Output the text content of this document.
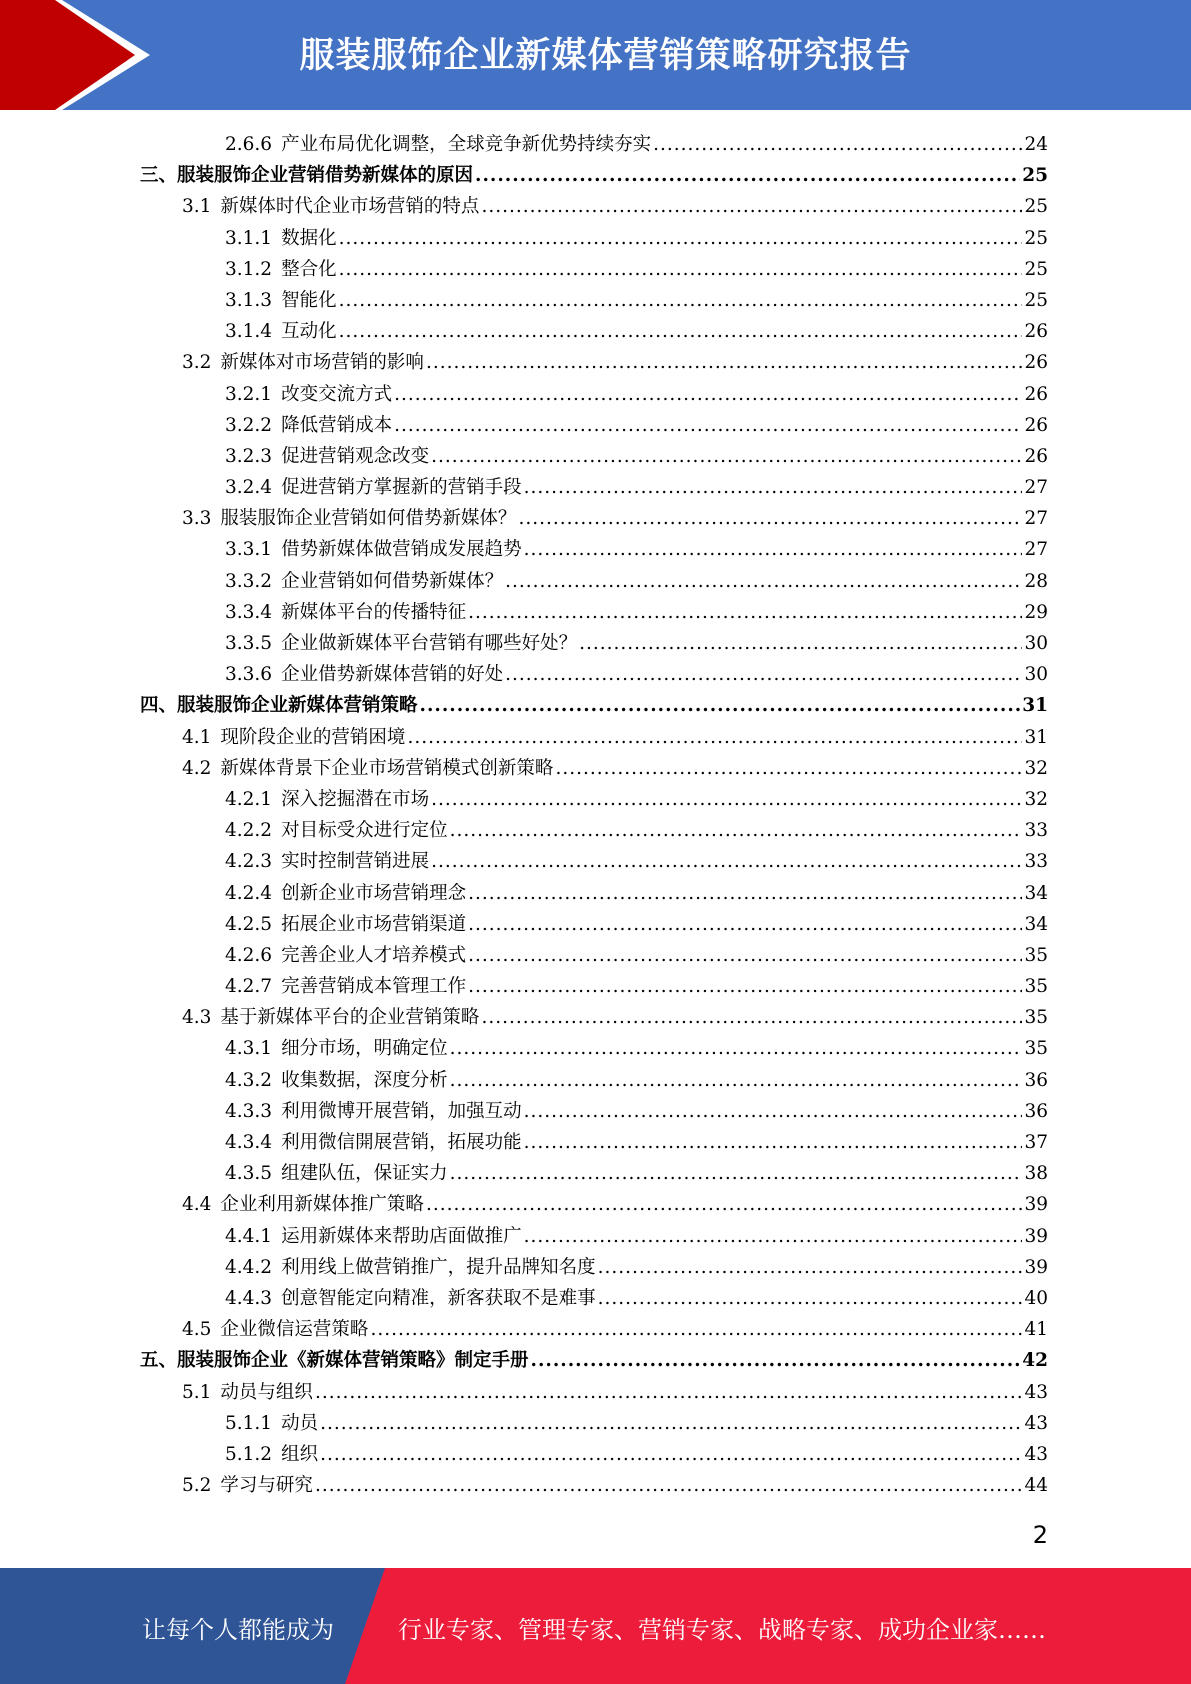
服装服饰企业新媒体营销策略研究报告
2.6.6 产业布局优化调整，全球竞争新优势持续夯实 .....	24
三、 服装服饰企业营销借势新媒体的原因 .....	25
3.1 新媒体时代企业市场营销的特点 .....	25
3.1.1 数据化 .....	25
3.1.2 整合化 .....	25
3.1.3 智能化 .....	25
3.1.4 互动化 .....	26
3.2 新媒体对市场营销的影响 .....	26
3.2.1 改变交流方式 .....	26
3.2.2 降低营销成本 .....	26
3.2.3 促进营销观念改变 .....	26
3.2.4 促进营销方掌握新的营销手段 .....	27
3.3 服装服饰企业营销如何借势新媒体？ .....	27
3.3.1 借势新媒体做营销成发展趋势 .....	27
3.3.2 企业营销如何借势新媒体？ .....	28
3.3.4 新媒体平台的传播特征 .....	29
3.3.5 企业做新媒体平台营销有哪些好处？ .....	30
3.3.6 企业借势新媒体营销的好处 .....	30
四、 服装服饰企业新媒体营销策略 .....	31
4.1 现阶段企业的营销困境 .....	31
4.2 新媒体背景下企业市场营销模式创新策略 .....	32
4.2.1 深入挖掘潜在市场 .....	32
4.2.2 对目标受众进行定位 .....	33
4.2.3 实时控制营销进展 .....	33
4.2.4 创新企业市场营销理念 .....	34
4.2.5 拓展企业市场营销渠道 .....	34
4.2.6 完善企业人才培养模式 .....	35
4.2.7 完善营销成本管理工作 .....	35
4.3 基于新媒体平台的企业营销策略 .....	35
4.3.1 细分市场，明确定位 .....	35
4.3.2 收集数据，深度分析 .....	36
4.3.3 利用微博开展营销，加强互动 .....	36
4.3.4 利用微信開展营销，拓展功能 .....	37
4.3.5 组建队伍，保证实力 .....	38
4.4 企业利用新媒体推广策略 .....	39
4.4.1 运用新媒体来帮助店面做推广 .....	39
4.4.2 利用线上做营销推广，提升品牌知名度 .....	39
4.4.3 创意智能定向精准，新客获取不是难事 .....	40
4.5 企业微信运营策略 .....	41
五、 服装服饰企业《新媒体营销策略》制定手册 .....	42
5.1 动员与组织 .....	43
5.1.1 动员 .....	43
5.1.2 组织 .....	43
5.2 学习与研究 .....	44
2
让每个人都能成为	行业专家、管理专家、营销专家、战略专家、成功企业家……
